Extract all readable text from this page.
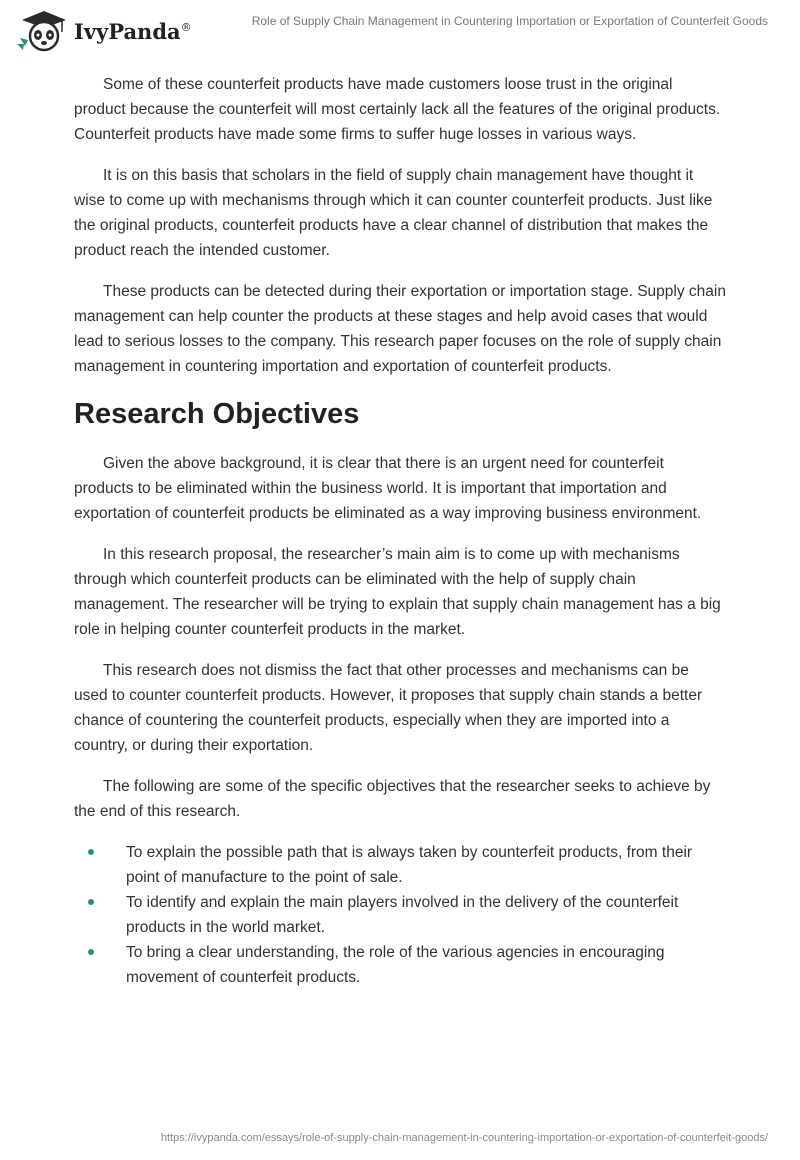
IvyPanda®	Role of Supply Chain Management in Countering Importation or Exportation of Counterfeit Goods

Some of these counterfeit products have made customers loose trust in the original product because the counterfeit will most certainly lack all the features of the original products. Counterfeit products have made some firms to suffer huge losses in various ways.

It is on this basis that scholars in the field of supply chain management have thought it wise to come up with mechanisms through which it can counter counterfeit products. Just like the original products, counterfeit products have a clear channel of distribution that makes the product reach the intended customer.

These products can be detected during their exportation or importation stage. Supply chain management can help counter the products at these stages and help avoid cases that would lead to serious losses to the company. This research paper focuses on the role of supply chain management in countering importation and exportation of counterfeit products.

Research Objectives

Given the above background, it is clear that there is an urgent need for counterfeit products to be eliminated within the business world. It is important that importation and exportation of counterfeit products be eliminated as a way improving business environment.

In this research proposal, the researcher’s main aim is to come up with mechanisms through which counterfeit products can be eliminated with the help of supply chain management. The researcher will be trying to explain that supply chain management has a big role in helping counter counterfeit products in the market.

This research does not dismiss the fact that other processes and mechanisms can be used to counter counterfeit products. However, it proposes that supply chain stands a better chance of countering the counterfeit products, especially when they are imported into a country, or during their exportation.

The following are some of the specific objectives that the researcher seeks to achieve by the end of this research.

To explain the possible path that is always taken by counterfeit products, from their point of manufacture to the point of sale.
To identify and explain the main players involved in the delivery of the counterfeit products in the world market.
To bring a clear understanding, the role of the various agencies in encouraging movement of counterfeit products.
https://ivypanda.com/essays/role-of-supply-chain-management-in-countering-importation-or-exportation-of-counterfeit-goods/
